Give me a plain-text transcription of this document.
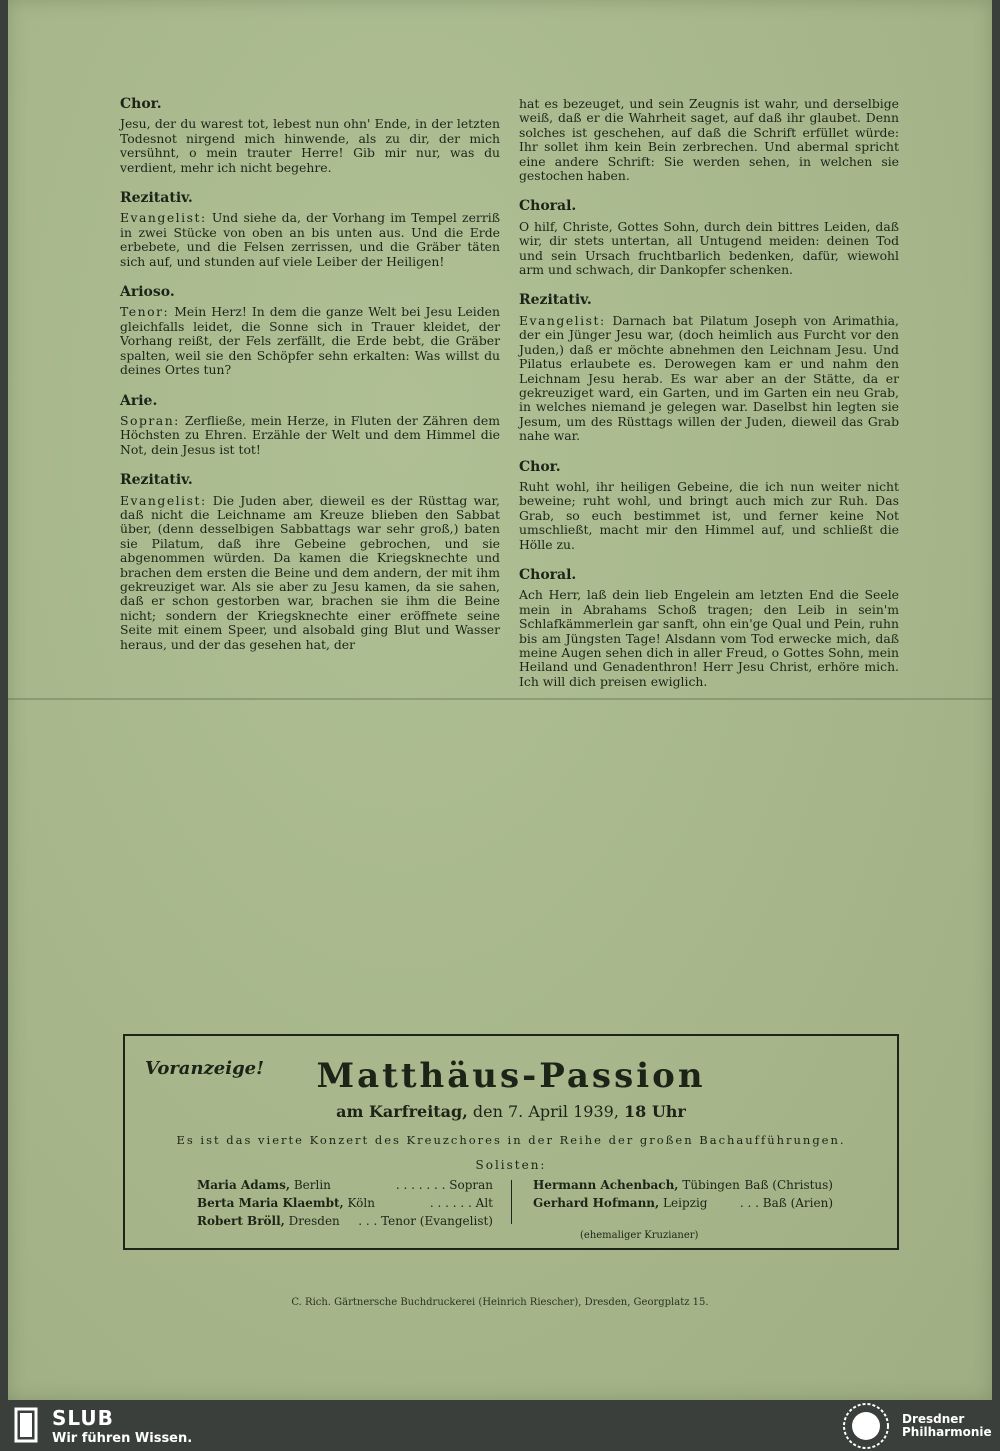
Chor.

Jesu, der du warest tot, lebest nun ohn' Ende, in der letzten Todesnot nirgend mich hinwende, als zu dir, der mich versühnt, o mein trauter Herre! Gib mir nur, was du verdient, mehr ich nicht begehre.

Rezitativ.

Evangelist: Und siehe da, der Vorhang im Tempel zerriß in zwei Stücke von oben an bis unten aus. Und die Erde erbebete, und die Felsen zerrissen, und die Gräber täten sich auf, und stunden auf viele Leiber der Heiligen!

Arioso.

Tenor: Mein Herz! In dem die ganze Welt bei Jesu Leiden gleichfalls leidet, die Sonne sich in Trauer kleidet, der Vorhang reißt, der Fels zerfällt, die Erde bebt, die Gräber spalten, weil sie den Schöpfer sehn erkalten: Was willst du deines Ortes tun?

Arie.

Sopran: Zerfließe, mein Herze, in Fluten der Zähren dem Höchsten zu Ehren. Erzähle der Welt und dem Himmel die Not, dein Jesus ist tot!

Rezitativ.

Evangelist: Die Juden aber, dieweil es der Rüsttag war, daß nicht die Leichname am Kreuze blieben den Sabbat über, (denn desselbigen Sabbattags war sehr groß,) baten sie Pilatum, daß ihre Gebeine gebrochen, und sie abgenommen würden. Da kamen die Kriegsknechte und brachen dem ersten die Beine und dem andern, der mit ihm gekreuziget war. Als sie aber zu Jesu kamen, da sie sahen, daß er schon gestorben war, brachen sie ihm die Beine nicht; sondern der Kriegsknechte einer eröffnete seine Seite mit einem Speer, und alsobald ging Blut und Wasser heraus, und der das gesehen hat, der

hat es bezeuget, und sein Zeugnis ist wahr, und derselbige weiß, daß er die Wahrheit saget, auf daß ihr glaubet. Denn solches ist geschehen, auf daß die Schrift erfüllet würde: Ihr sollet ihm kein Bein zerbrechen. Und abermal spricht eine andere Schrift: Sie werden sehen, in welchen sie gestochen haben.

Choral.

O hilf, Christe, Gottes Sohn, durch dein bittres Leiden, daß wir, dir stets untertan, all Untugend meiden: deinen Tod und sein Ursach fruchtbarlich bedenken, dafür, wiewohl arm und schwach, dir Dankopfer schenken.

Rezitativ.

Evangelist: Darnach bat Pilatum Joseph von Arimathia, der ein Jünger Jesu war, (doch heimlich aus Furcht vor den Juden,) daß er möchte abnehmen den Leichnam Jesu. Und Pilatus erlaubete es. Derowegen kam er und nahm den Leichnam Jesu herab. Es war aber an der Stätte, da er gekreuziget ward, ein Garten, und im Garten ein neu Grab, in welches niemand je gelegen war. Daselbst hin legten sie Jesum, um des Rüsttags willen der Juden, dieweil das Grab nahe war.

Chor.

Ruht wohl, ihr heiligen Gebeine, die ich nun weiter nicht beweine; ruht wohl, und bringt auch mich zur Ruh. Das Grab, so euch bestimmet ist, und ferner keine Not umschließt, macht mir den Himmel auf, und schließt die Hölle zu.

Choral.

Ach Herr, laß dein lieb Engelein am letzten End die Seele mein in Abrahams Schoß tragen; den Leib in sein'm Schlafkämmerlein gar sanft, ohn ein'ge Qual und Pein, ruhn bis am Jüngsten Tage! Alsdann vom Tod erwecke mich, daß meine Augen sehen dich in aller Freud, o Gottes Sohn, mein Heiland und Genadenthron! Herr Jesu Christ, erhöre mich. Ich will dich preisen ewiglich.

Voranzeige!	Matthäus-Passion
am Karfreitag, den 7. April 1939, 18 Uhr
Es ist das vierte Konzert des Kreuzchores in der Reihe der großen Bachaufführungen.
Solisten:
Maria Adams, Berlin	. . . . . . . Sopran
Berta Maria Klaembt, Köln	. . . . . . Alt
Robert Bröll, Dresden . . . Tenor (Evangelist)
Hermann Achenbach, Tübingen Baß (Christus)
Gerhard Hofmann, Leipzig	. . . Baß (Arien)
(ehemaliger Kruzianer)
C. Rich. Gärtnersche Buchdruckerei (Heinrich Riescher), Dresden, Georgplatz 15.
SLUB
Wir führen Wissen.
Dresdner
Philharmonie
